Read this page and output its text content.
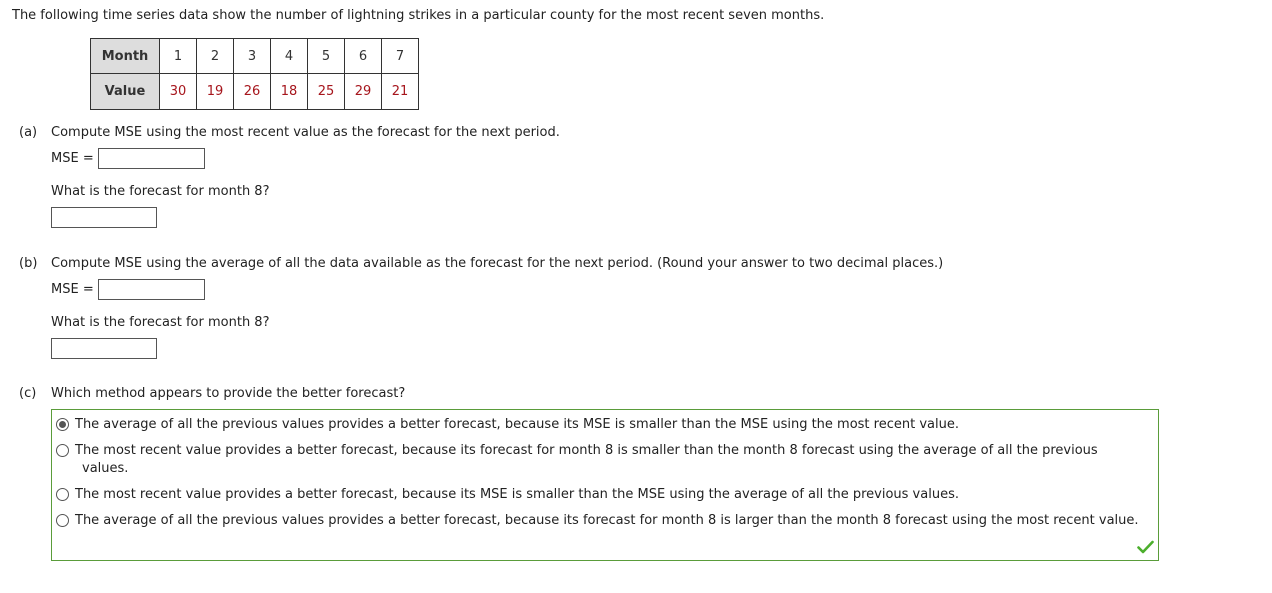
The following time series data show the number of lightning strikes in a particular county for the most recent seven months.
Month	1	2	3	4	5	6	7
Value	30	19	26	18	25	29	21
(a) Compute MSE using the most recent value as the forecast for the next period.
MSE =
What is the forecast for month 8?
(b) Compute MSE using the average of all the data available as the forecast for the next period. (Round your answer to two decimal places.)
MSE =
What is the forecast for month 8?
(c) Which method appears to provide the better forecast?
The average of all the previous values provides a better forecast, because its MSE is smaller than the MSE using the most recent value.
The most recent value provides a better forecast, because its forecast for month 8 is smaller than the month 8 forecast using the average of all the previous
values.
The most recent value provides a better forecast, because its MSE is smaller than the MSE using the average of all the previous values.
The average of all the previous values provides a better forecast, because its forecast for month 8 is larger than the month 8 forecast using the most recent value.
